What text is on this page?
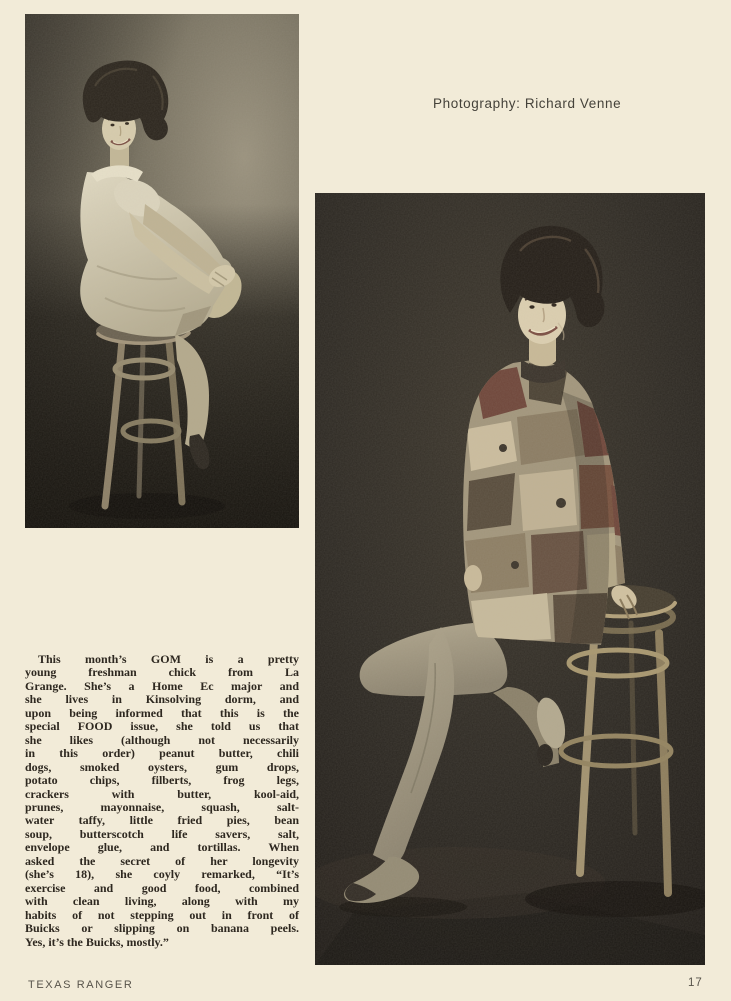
Photography: Richard Venne
This month’s GOM is a pretty
young freshman chick from La
Grange. She’s a Home Ec major and
she lives in Kinsolving dorm, and
upon being informed that this is the
special FOOD issue, she told us that
she likes (although not necessarily
in this order) peanut butter, chili
dogs, smoked oysters, gum drops,
potato chips, filberts, frog legs,
crackers with butter, kool-aid,
prunes, mayonnaise, squash, salt-
water taffy, little fried pies, bean
soup, butterscotch life savers, salt,
envelope glue, and tortillas. When
asked the secret of her longevity
(she’s 18), she coyly remarked, “It’s
exercise and good food, combined
with clean living, along with my
habits of not stepping out in front of
Buicks or slipping on banana peels.
Yes, it’s the Buicks, mostly.”
TEXAS RANGER	17
